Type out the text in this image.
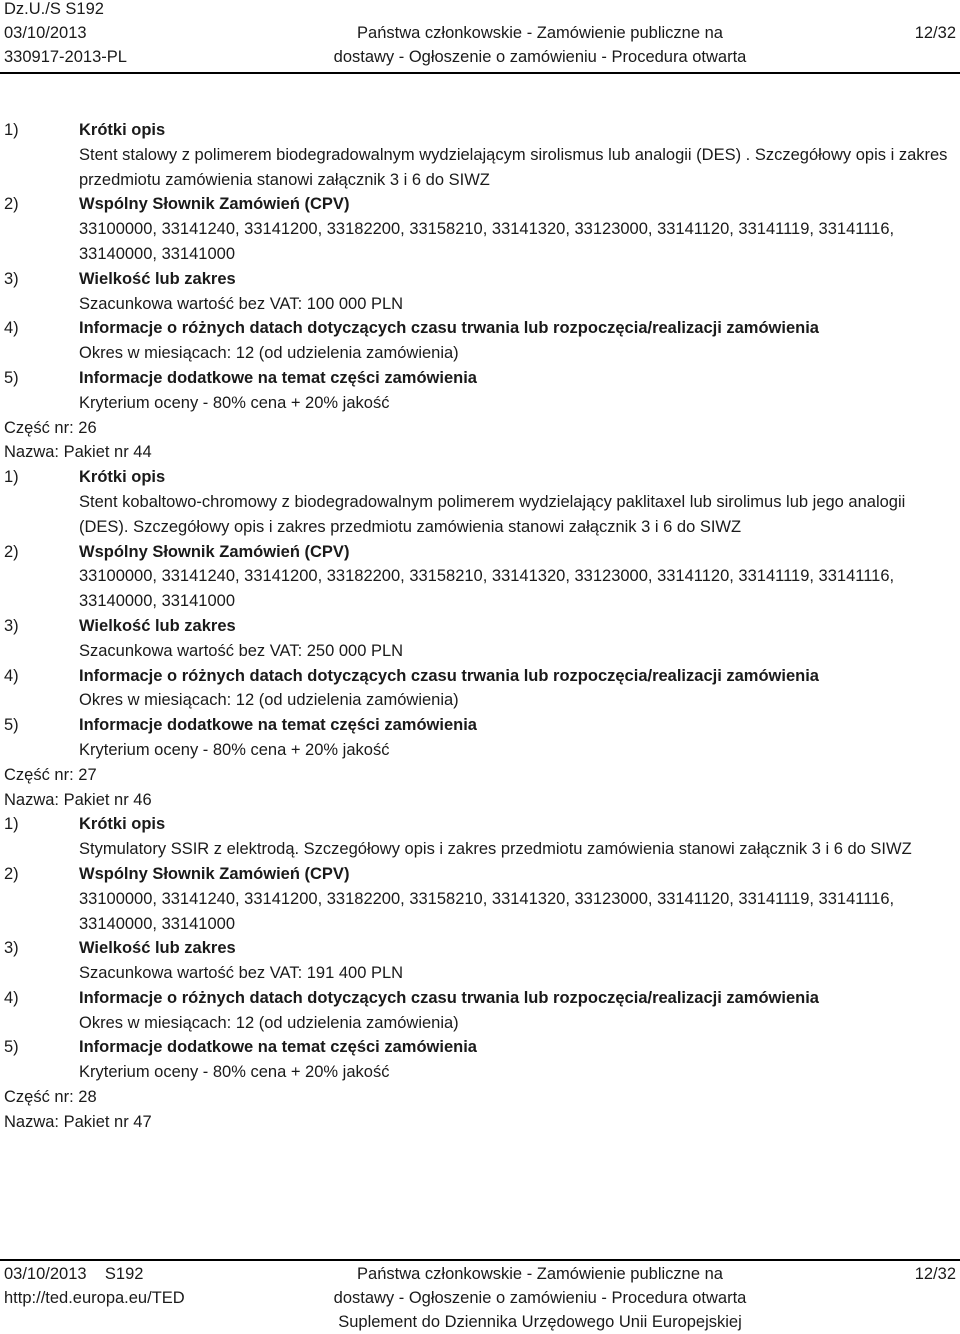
Dz.U./S S192
03/10/2013
330917-2013-PL
Państwa członkowskie - Zamówienie publiczne na
dostawy - Ogłoszenie o zamówieniu - Procedura otwarta
12/32
1)	Krótki opis
Stent stalowy z polimerem biodegradowalnym wydzielającym sirolismus lub analogii (DES) . Szczegółowy opis i zakres przedmiotu zamówienia stanowi załącznik 3 i 6 do SIWZ
2)	Wspólny Słownik Zamówień (CPV)
33100000, 33141240, 33141200, 33182200, 33158210, 33141320, 33123000, 33141120, 33141119, 33141116, 33140000, 33141000
3)	Wielkość lub zakres
Szacunkowa wartość bez VAT: 100 000 PLN
4)	Informacje o różnych datach dotyczących czasu trwania lub rozpoczęcia/realizacji zamówienia
Okres w miesiącach: 12 (od udzielenia zamówienia)
5)	Informacje dodatkowe na temat części zamówienia
Kryterium oceny - 80% cena + 20% jakość
Część nr: 26
Nazwa: Pakiet nr 44
1)	Krótki opis
Stent kobaltowo-chromowy z biodegradowalnym polimerem wydzielający paklitaxel lub sirolimus lub jego analogii (DES). Szczegółowy opis i zakres przedmiotu zamówienia stanowi załącznik 3 i 6 do SIWZ
2)	Wspólny Słownik Zamówień (CPV)
33100000, 33141240, 33141200, 33182200, 33158210, 33141320, 33123000, 33141120, 33141119, 33141116, 33140000, 33141000
3)	Wielkość lub zakres
Szacunkowa wartość bez VAT: 250 000 PLN
4)	Informacje o różnych datach dotyczących czasu trwania lub rozpoczęcia/realizacji zamówienia
Okres w miesiącach: 12 (od udzielenia zamówienia)
5)	Informacje dodatkowe na temat części zamówienia
Kryterium oceny - 80% cena + 20% jakość
Część nr: 27
Nazwa: Pakiet nr 46
1)	Krótki opis
Stymulatory SSIR z elektrodą. Szczegółowy opis i zakres przedmiotu zamówienia stanowi załącznik 3 i 6 do SIWZ
2)	Wspólny Słownik Zamówień (CPV)
33100000, 33141240, 33141200, 33182200, 33158210, 33141320, 33123000, 33141120, 33141119, 33141116, 33140000, 33141000
3)	Wielkość lub zakres
Szacunkowa wartość bez VAT: 191 400 PLN
4)	Informacje o różnych datach dotyczących czasu trwania lub rozpoczęcia/realizacji zamówienia
Okres w miesiącach: 12 (od udzielenia zamówienia)
5)	Informacje dodatkowe na temat części zamówienia
Kryterium oceny - 80% cena + 20% jakość
Część nr: 28
Nazwa: Pakiet nr 47
03/10/2013    S192
http://ted.europa.eu/TED
Państwa członkowskie - Zamówienie publiczne na
dostawy - Ogłoszenie o zamówieniu - Procedura otwarta
Suplement do Dziennika Urzędowego Unii Europejskiej
12/32
